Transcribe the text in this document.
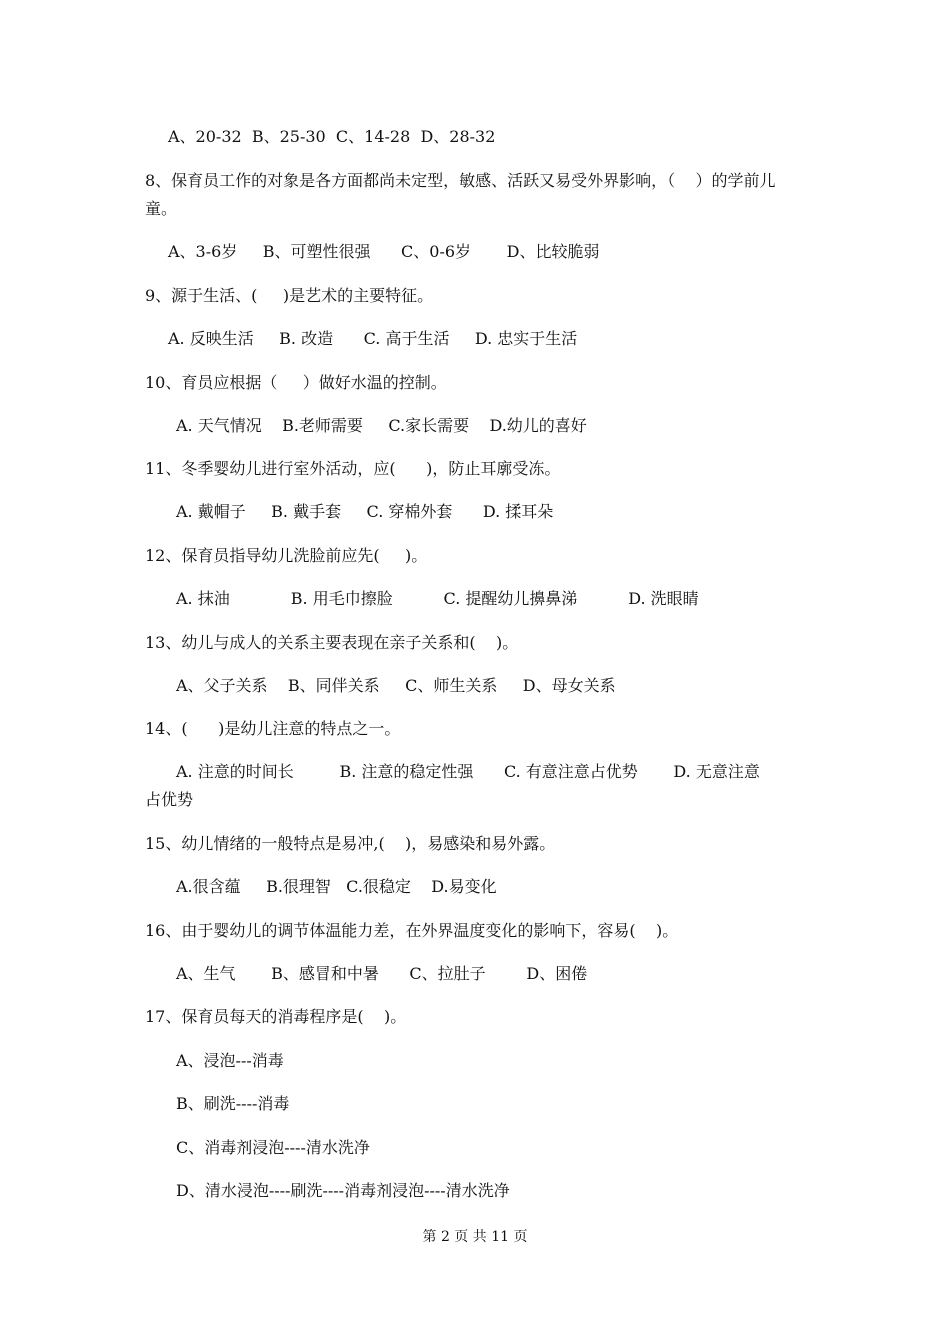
A、20-32  B、25-30  C、14-28  D、28-32
8、保育员工作的对象是各方面都尚未定型，敏感、活跃又易受外界影响，（    ）的学前儿
童。
A、3-6岁     B、可塑性很强      C、0-6岁       D、比较脆弱
9、源于生活、(     )是艺术的主要特征。
A. 反映生活     B. 改造      C. 高于生活     D. 忠实于生活
10、育员应根据（     ）做好水温的控制。
A. 天气情况    B.老师需要     C.家长需要    D.幼儿的喜好
11、冬季婴幼儿进行室外活动，应(      )，防止耳廓受冻。
A. 戴帽子     B. 戴手套     C. 穿棉外套      D. 揉耳朵
12、保育员指导幼儿洗脸前应先(     )。
A. 抹油            B. 用毛巾擦脸          C. 提醒幼儿擤鼻涕          D. 洗眼睛
13、幼儿与成人的关系主要表现在亲子关系和(    )。
A、父子关系    B、同伴关系     C、师生关系     D、母女关系
14、(      )是幼儿注意的特点之一。
A. 注意的时间长         B. 注意的稳定性强      C. 有意注意占优势       D. 无意注意
占优势
15、幼儿情绪的一般特点是易冲,(    )，易感染和易外露。
A.很含蕴     B.很理智   C.很稳定    D.易变化
16、由于婴幼儿的调节体温能力差，在外界温度变化的影响下，容易(    )。
A、生气       B、感冒和中暑      C、拉肚子        D、困倦
17、保育员每天的消毒程序是(    )。
A、浸泡---消毒
B、刷洗----消毒
C、消毒剂浸泡----清水洗净
D、清水浸泡----刷洗----消毒剂浸泡----清水洗净
第 2 页 共 11 页
